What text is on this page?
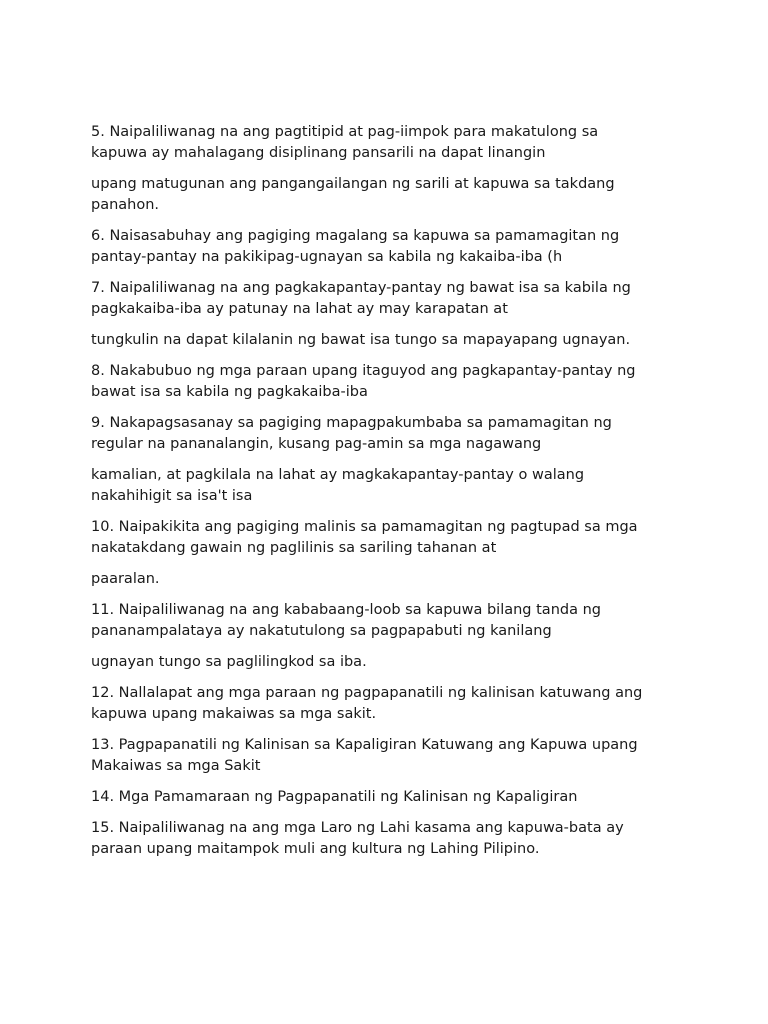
5. Naipaliliwanag na ang pagtitipid at pag-iimpok para makatulong sa
kapuwa ay mahalagang disiplinang pansarili na dapat linangin

upang matugunan ang pangangailangan ng sarili at kapuwa sa takdang
panahon.

6. Naisasabuhay ang pagiging magalang sa kapuwa sa pamamagitan ng
pantay-pantay na pakikipag-ugnayan sa kabila ng kakaiba-iba (h

7. Naipaliliwanag na ang pagkakapantay-pantay ng bawat isa sa kabila ng
pagkakaiba-iba ay patunay na lahat ay may karapatan at

tungkulin na dapat kilalanin ng bawat isa tungo sa mapayapang ugnayan.

8. Nakabubuo ng mga paraan upang itaguyod ang pagkapantay-pantay ng
bawat isa sa kabila ng pagkakaiba-iba

9. Nakapagsasanay sa pagiging mapagpakumbaba sa pamamagitan ng
regular na pananalangin, kusang pag-amin sa mga nagawang

kamalian, at pagkilala na lahat ay magkakapantay-pantay o walang
nakahihigit sa isa't isa

10. Naipakikita ang pagiging malinis sa pamamagitan ng pagtupad sa mga
nakatakdang gawain ng paglilinis sa sariling tahanan at

paaralan.

11. Naipaliliwanag na ang kababaang-loob sa kapuwa bilang tanda ng
pananampalataya ay nakatutulong sa pagpapabuti ng kanilang

ugnayan tungo sa paglilingkod sa iba.

12. Nallalapat ang mga paraan ng pagpapanatili ng kalinisan katuwang ang
kapuwa upang makaiwas sa mga sakit.

13. Pagpapanatili ng Kalinisan sa Kapaligiran Katuwang ang Kapuwa upang
Makaiwas sa mga Sakit

14. Mga Pamamaraan ng Pagpapanatili ng Kalinisan ng Kapaligiran

15. Naipaliliwanag na ang mga Laro ng Lahi kasama ang kapuwa-bata ay
paraan upang maitampok muli ang kultura ng Lahing Pilipino.
